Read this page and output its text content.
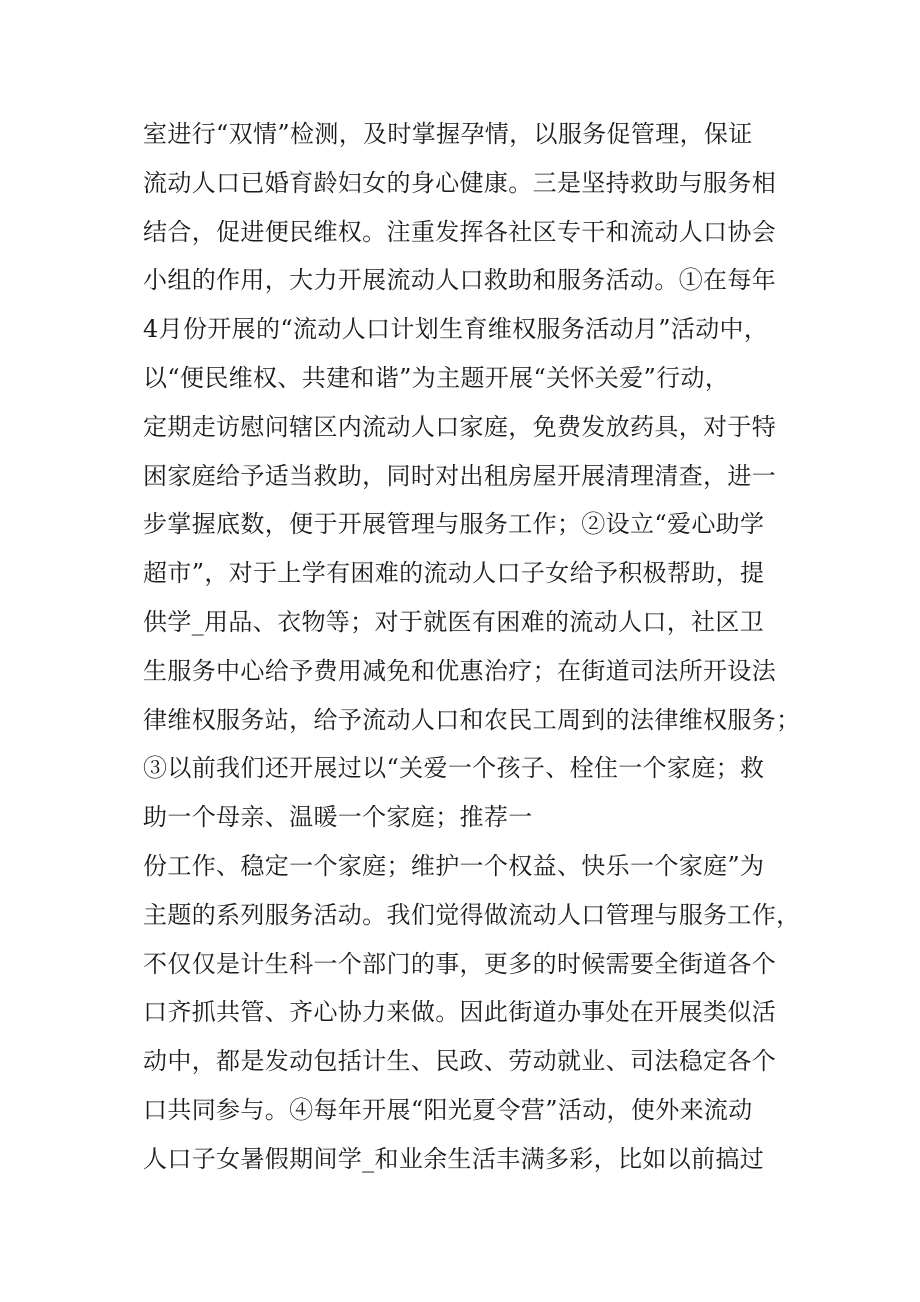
室进行“双情”检测，及时掌握孕情，以服务促管理，保证
流动人口已婚育龄妇女的身心健康。三是坚持救助与服务相
结合，促进便民维权。注重发挥各社区专干和流动人口协会
小组的作用，大力开展流动人口救助和服务活动。①在每年
4月份开展的“流动人口计划生育维权服务活动月”活动中，
以“便民维权、共建和谐”为主题开展“关怀关爱”行动，
定期走访慰问辖区内流动人口家庭，免费发放药具，对于特
困家庭给予适当救助，同时对出租房屋开展清理清查，进一
步掌握底数，便于开展管理与服务工作；②设立“爱心助学
超市”，对于上学有困难的流动人口子女给予积极帮助，提
供学_用品、衣物等；对于就医有困难的流动人口，社区卫
生服务中心给予费用减免和优惠治疗；在街道司法所开设法
律维权服务站，给予流动人口和农民工周到的法律维权服务；
③以前我们还开展过以“关爱一个孩子、栓住一个家庭；救
助一个母亲、温暖一个家庭；推荐一
份工作、稳定一个家庭；维护一个权益、快乐一个家庭”为
主题的系列服务活动。我们觉得做流动人口管理与服务工作，
不仅仅是计生科一个部门的事，更多的时候需要全街道各个
口齐抓共管、齐心协力来做。因此街道办事处在开展类似活
动中，都是发动包括计生、民政、劳动就业、司法稳定各个
口共同参与。④每年开展“阳光夏令营”活动，使外来流动
人口子女暑假期间学_和业余生活丰满多彩，比如以前搞过
